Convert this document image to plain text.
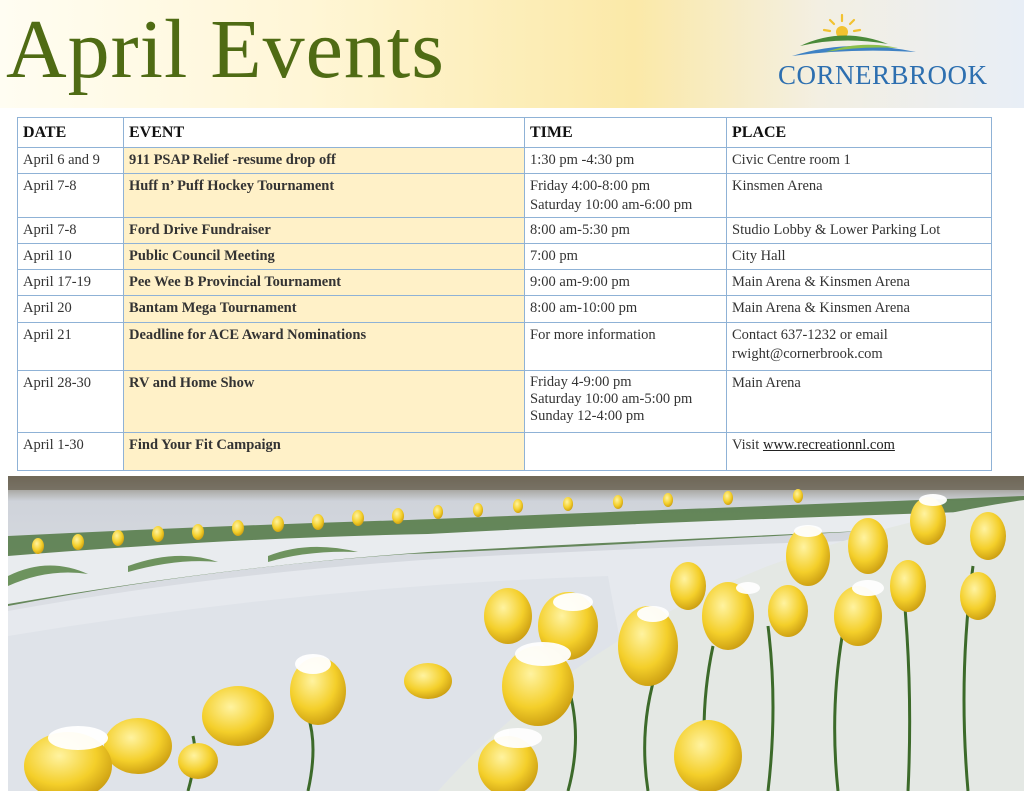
April Events	CORNERBROOK
DATE	EVENT	TIME	PLACE
April 6 and 9	911 PSAP Relief -resume drop off	1:30 pm -4:30 pm	Civic Centre room 1

April 7-8	Huff n’ Puff Hockey Tournament	Friday 4:00-8:00 pm
Saturday 10:00 am-6:00 pm	Kinsmen Arena

April 7-8	Ford Drive Fundraiser	8:00 am-5:30 pm	Studio Lobby & Lower Parking Lot

April 10	Public Council Meeting	7:00 pm	City Hall

April 17-19	Pee Wee B Provincial Tournament	9:00 am-9:00 pm	Main Arena & Kinsmen Arena

April 20	Bantam Mega Tournament	8:00 am-10:00 pm	Main Arena & Kinsmen Arena

April 21	Deadline for ACE Award Nominations	For more information	Contact 637-1232 or email
rwight@cornerbrook.com

April 28-30	RV and Home Show	Friday 4-9:00 pm
Saturday 10:00 am-5:00 pm
Sunday 12-4:00 pm	Main Arena

April 1-30	Find Your Fit Campaign		Visit www.recreationnl.com
